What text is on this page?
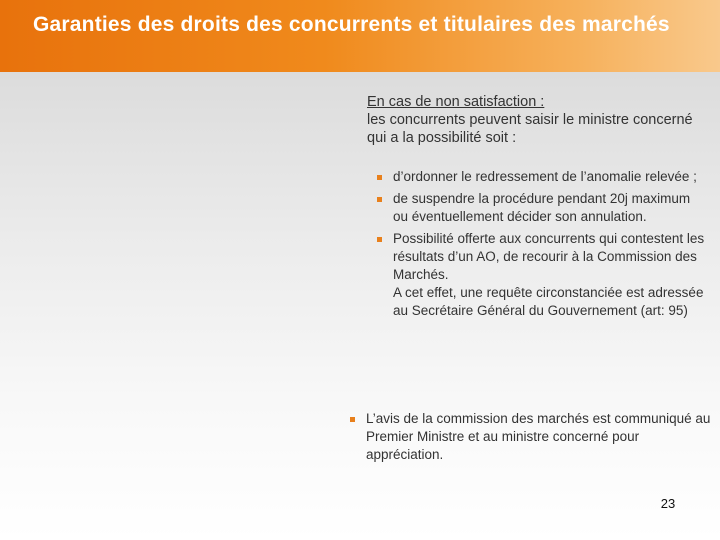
Garanties des droits des concurrents et titulaires des marchés
En cas de non satisfaction :
les concurrents peuvent saisir le ministre concerné qui a la possibilité soit :
d’ordonner le redressement de l’anomalie relevée ;
de suspendre la procédure pendant 20j maximum ou éventuellement décider son annulation.
Possibilité offerte aux concurrents qui contestent les résultats d’un AO, de recourir à la Commission des Marchés.
A cet effet, une requête circonstanciée est adressée au Secrétaire Général du Gouvernement (art: 95)
L’avis de la commission des marchés est communiqué au Premier Ministre et au ministre concerné pour appréciation.
23
